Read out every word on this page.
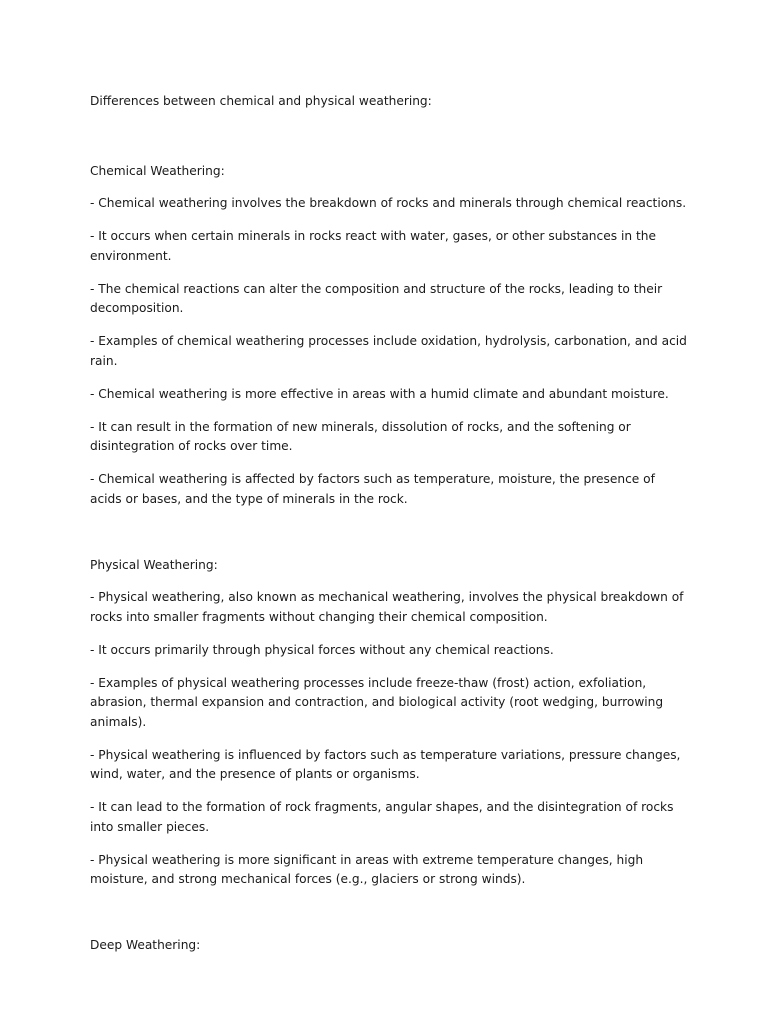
Differences between chemical and physical weathering:

Chemical Weathering:

- Chemical weathering involves the breakdown of rocks and minerals through chemical reactions.

- It occurs when certain minerals in rocks react with water, gases, or other substances in the environment.

- The chemical reactions can alter the composition and structure of the rocks, leading to their decomposition.

- Examples of chemical weathering processes include oxidation, hydrolysis, carbonation, and acid rain.

- Chemical weathering is more effective in areas with a humid climate and abundant moisture.

- It can result in the formation of new minerals, dissolution of rocks, and the softening or disintegration of rocks over time.

- Chemical weathering is affected by factors such as temperature, moisture, the presence of acids or bases, and the type of minerals in the rock.

Physical Weathering:

- Physical weathering, also known as mechanical weathering, involves the physical breakdown of rocks into smaller fragments without changing their chemical composition.

- It occurs primarily through physical forces without any chemical reactions.

- Examples of physical weathering processes include freeze-thaw (frost) action, exfoliation, abrasion, thermal expansion and contraction, and biological activity (root wedging, burrowing animals).

- Physical weathering is influenced by factors such as temperature variations, pressure changes, wind, water, and the presence of plants or organisms.

- It can lead to the formation of rock fragments, angular shapes, and the disintegration of rocks into smaller pieces.

- Physical weathering is more significant in areas with extreme temperature changes, high moisture, and strong mechanical forces (e.g., glaciers or strong winds).

Deep Weathering:
